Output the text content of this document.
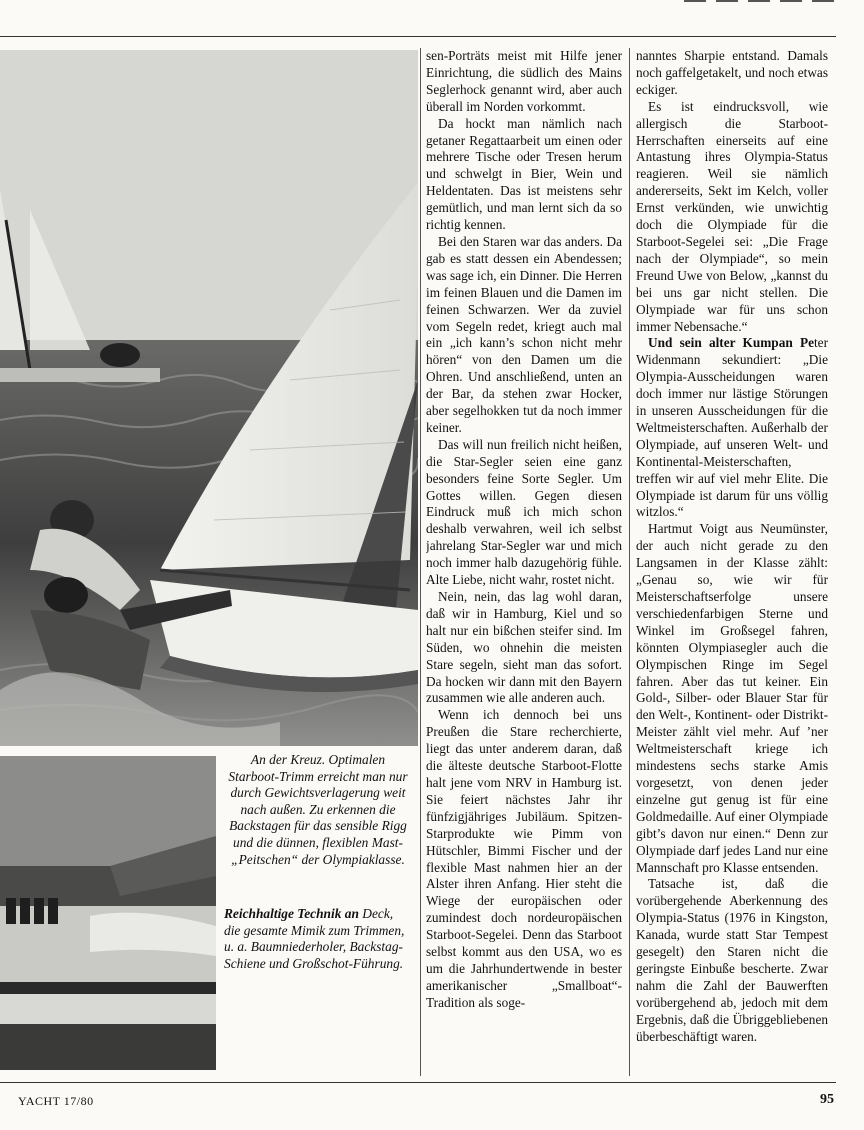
An der Kreuz. Optimalen Starboot-Trimm erreicht man nur durch Gewichtsverlagerung weit nach außen. Zu erkennen die Backstagen für das sensible Rigg und die dünnen, flexiblen Mast-„Peitschen“ der Olympiaklasse.

Reichhaltige Technik an Deck, die gesamte Mimik zum Trimmen, u. a. Baumniederholer, Backstag-Schiene und Großschot-Führung.

sen-Porträts meist mit Hilfe jener Einrichtung, die südlich des Mains Seglerhock genannt wird, aber auch überall im Norden vorkommt.

Da hockt man nämlich nach getaner Regattaarbeit um einen oder mehrere Tische oder Tresen herum und schwelgt in Bier, Wein und Heldentaten. Das ist meistens sehr gemütlich, und man lernt sich da so richtig kennen.

Bei den Staren war das anders. Da gab es statt dessen ein Abendessen; was sage ich, ein Dinner. Die Herren im feinen Blauen und die Damen im feinen Schwarzen. Wer da zuviel vom Segeln redet, kriegt auch mal ein „ich kann’s schon nicht mehr hören“ von den Damen um die Ohren. Und anschließend, unten an der Bar, da stehen zwar Hocker, aber segelhokken tut da noch immer keiner.

Das will nun freilich nicht heißen, die Star-Segler seien eine ganz besonders feine Sorte Segler. Um Gottes willen. Gegen diesen Eindruck muß ich mich schon deshalb verwahren, weil ich selbst jahrelang Star-Segler war und mich noch immer halb dazugehörig fühle. Alte Liebe, nicht wahr, rostet nicht.

Nein, nein, das lag wohl daran, daß wir in Hamburg, Kiel und so halt nur ein bißchen steifer sind. Im Süden, wo ohnehin die meisten Stare segeln, sieht man das sofort. Da hocken wir dann mit den Bayern zusammen wie alle anderen auch.

Wenn ich dennoch bei uns Preußen die Stare recherchierte, liegt das unter anderem daran, daß die älteste deutsche Starboot-Flotte halt jene vom NRV in Hamburg ist. Sie feiert nächstes Jahr ihr fünfzigjähriges Jubiläum. Spitzen-Starprodukte wie Pimm von Hütschler, Bimmi Fischer und der flexible Mast nahmen hier an der Alster ihren Anfang. Hier steht die Wiege der europäischen oder zumindest doch nordeuropäischen Starboot-Segelei. Denn das Starboot selbst kommt aus den USA, wo es um die Jahrhundertwende in bester amerikanischer „Smallboat“-Tradition als soge-

nanntes Sharpie entstand. Damals noch gaffelgetakelt, und noch etwas eckiger.

Es ist eindrucksvoll, wie allergisch die Starboot-Herrschaften einerseits auf eine Antastung ihres Olympia-Status reagieren. Weil sie nämlich andererseits, Sekt im Kelch, voller Ernst verkünden, wie unwichtig doch die Olympiade für die Starboot-Segelei sei: „Die Frage nach der Olympiade“, so mein Freund Uwe von Below, „kannst du bei uns gar nicht stellen. Die Olympiade war für uns schon immer Nebensache.“

Und sein alter Kumpan Peter Widenmann sekundiert: „Die Olympia-Ausscheidungen waren doch immer nur lästige Störungen in unseren Ausscheidungen für die Weltmeisterschaften. Außerhalb der Olympiade, auf unseren Welt- und Kontinental-Meisterschaften, treffen wir auf viel mehr Elite. Die Olympiade ist darum für uns völlig witzlos.“

Hartmut Voigt aus Neumünster, der auch nicht gerade zu den Langsamen in der Klasse zählt: „Genau so, wie wir für Meisterschaftserfolge unsere verschiedenfarbigen Sterne und Winkel im Großsegel fahren, könnten Olympiasegler auch die Olympischen Ringe im Segel fahren. Aber das tut keiner. Ein Gold-, Silber- oder Blauer Star für den Welt-, Kontinent- oder Distrikt-Meister zählt viel mehr. Auf ’ner Weltmeisterschaft kriege ich mindestens sechs starke Amis vorgesetzt, von denen jeder einzelne gut genug ist für eine Goldmedaille. Auf einer Olympiade gibt’s davon nur einen.“ Denn zur Olympiade darf jedes Land nur eine Mannschaft pro Klasse entsenden.

Tatsache ist, daß die vorübergehende Aberkennung des Olympia-Status (1976 in Kingston, Kanada, wurde statt Star Tempest gesegelt) den Staren nicht die geringste Einbuße bescherte. Zwar nahm die Zahl der Bauwerften vorübergehend ab, jedoch mit dem Ergebnis, daß die Übriggebliebenen überbeschäftigt waren.

YACHT 17/80	95
